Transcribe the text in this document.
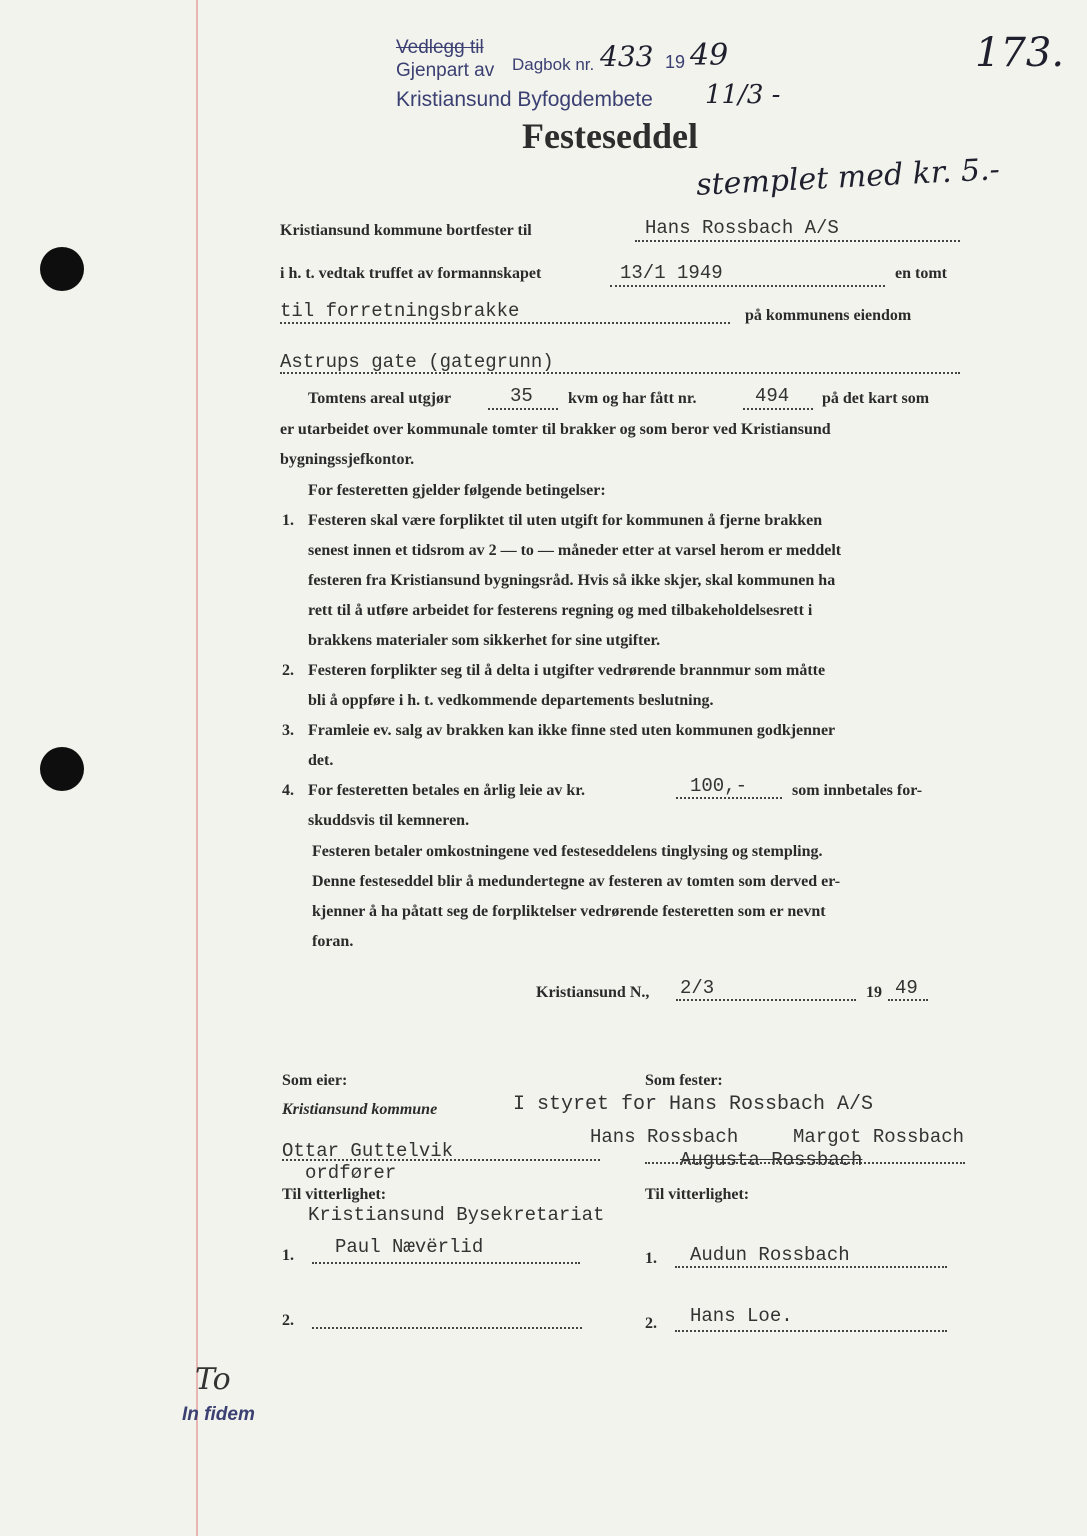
Vedlegg til
Gjenpart av
Kristiansund Byfogdembete
Dagbok nr. 433 19 49
11/3 -
173.
Festeseddel
stemplet med kr. 5.-
Kristiansund kommune bortfester til	Hans Rossbach A/S
i h. t. vedtak truffet av formannskapet	13/1 1949	en tomt
til forretningsbrakke	på kommunens eiendom
Astrups gate (gategrunn)
Tomtens areal utgjør	35 kvm og har fått nr.	494 på det kart som
er utarbeidet over kommunale tomter til brakker og som beror ved Kristiansund
bygningssjefkontor.
For festeretten gjelder følgende betingelser:
1. Festeren skal være forpliktet til uten utgift for kommunen å fjerne brakken
senest innen et tidsrom av 2 — to — måneder etter at varsel herom er meddelt
festeren fra Kristiansund bygningsråd. Hvis så ikke skjer, skal kommunen ha
rett til å utføre arbeidet for festerens regning og med tilbakeholdelsesrett i
brakkens materialer som sikkerhet for sine utgifter.
2. Festeren forplikter seg til å delta i utgifter vedrørende brannmur som måtte
bli å oppføre i h. t. vedkommende departements beslutning.
3. Framleie ev. salg av brakken kan ikke finne sted uten kommunen godkjenner
det.
4. For festeretten betales en årlig leie av kr.	100,-	som innbetales for-
skuddsvis til kemneren.
Festeren betaler omkostningene ved festeseddelens tinglysing og stempling.
Denne festeseddel blir å medundertegne av festeren av tomten som derved er-
kjenner å ha påtatt seg de forpliktelser vedrørende festeretten som er nevnt
foran.
Kristiansund N., 2/3	19 49
Som eier:
Kristiansund kommune
Som fester:
I styret for Hans Rossbach A/S
Ottar Guttelvik
ordfører
Hans Rossbach	Margot Rossbach
Augusta Rossbach
Til vitterlighet:	Til vitterlighet:
Kristiansund Bysekretariat
1. Paul Nævërlid
1. Audun Rossbach
2.	2. Hans Loe.
To
In fidem
